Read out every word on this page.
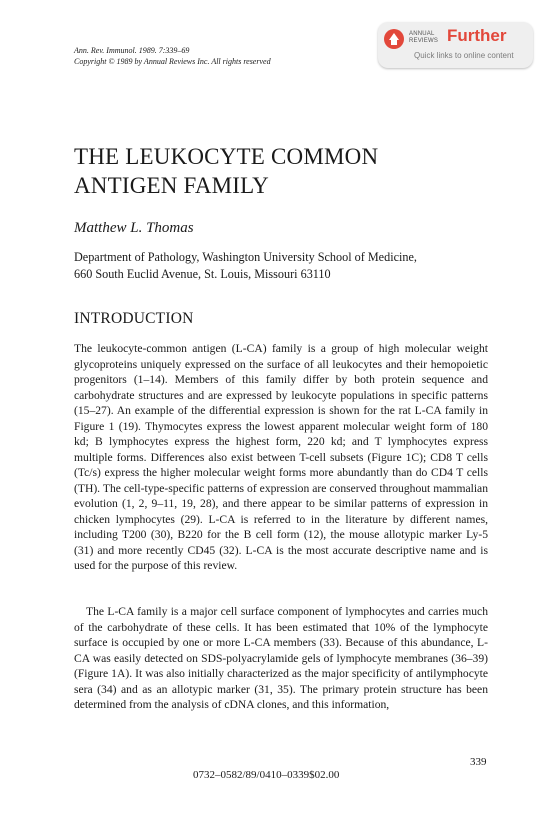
Ann. Rev. Immunol. 1989. 7:339–69
Copyright © 1989 by Annual Reviews Inc. All rights reserved
ANNUAL
REVIEWS Further
Quick links to online content
THE LEUKOCYTE COMMON
ANTIGEN FAMILY
Matthew L. Thomas
Department of Pathology, Washington University School of Medicine,
660 South Euclid Avenue, St. Louis, Missouri 63110
INTRODUCTION

The leukocyte-common antigen (L-CA) family is a group of high molecular weight glycoproteins uniquely expressed on the surface of all leukocytes and their hemopoietic progenitors (1–14). Members of this family differ by both protein sequence and carbohydrate structures and are expressed by leukocyte populations in specific patterns (15–27). An example of the differential expression is shown for the rat L-CA family in Figure 1 (19). Thymocytes express the lowest apparent molecular weight form of 180 kd; B lymphocytes express the highest form, 220 kd; and T lymphocytes express multiple forms. Differences also exist between T-cell subsets (Figure 1C); CD8 T cells (Tc/s) express the higher molecular weight forms more abundantly than do CD4 T cells (TH). The cell-type-specific patterns of expression are conserved throughout mammalian evolution (1, 2, 9–11, 19, 28), and there appear to be similar patterns of expression in chicken lymphocytes (29). L-CA is referred to in the literature by different names, including T200 (30), B220 for the B cell form (12), the mouse allotypic marker Ly-5 (31) and more recently CD45 (32). L-CA is the most accurate descriptive name and is used for the purpose of this review.

The L-CA family is a major cell surface component of lymphocytes and carries much of the carbohydrate of these cells. It has been estimated that 10% of the lymphocyte surface is occupied by one or more L-CA members (33). Because of this abundance, L-CA was easily detected on SDS-polyacrylamide gels of lymphocyte membranes (36–39) (Figure 1A). It was also initially characterized as the major specificity of antilymphocyte sera (34) and as an allotypic marker (31, 35). The primary protein structure has been determined from the analysis of cDNA clones, and this information,

339
0732–0582/89/0410–0339$02.00
